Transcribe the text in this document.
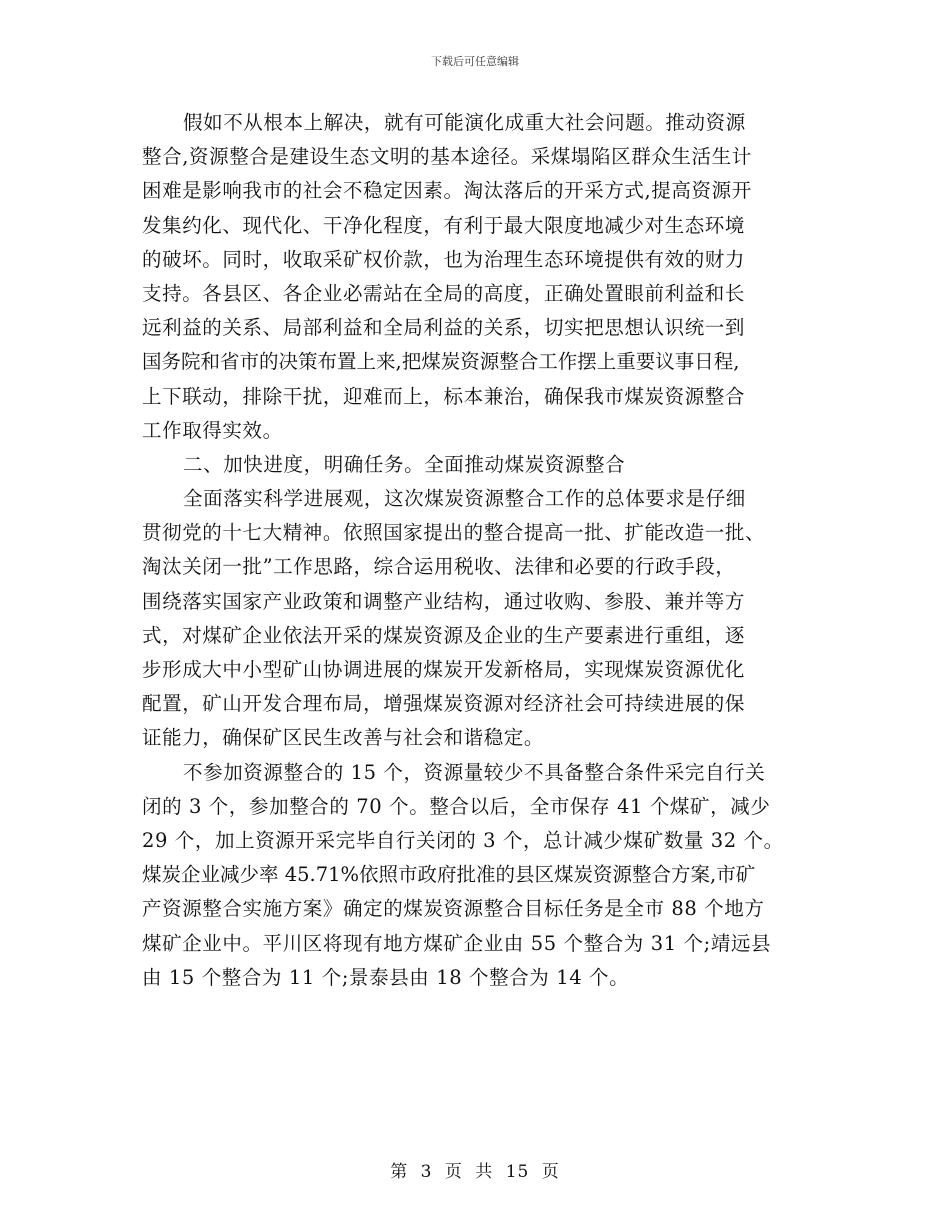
下载后可任意编辑
假如不从根本上解决，就有可能演化成重大社会问题。推动资源
整合,资源整合是建设生态文明的基本途径。采煤塌陷区群众生活生计
困难是影响我市的社会不稳定因素。淘汰落后的开采方式,提高资源开
发集约化、现代化、干净化程度，有利于最大限度地减少对生态环境
的破坏。同时，收取采矿权价款，也为治理生态环境提供有效的财力
支持。各县区、各企业必需站在全局的高度，正确处置眼前利益和长
远利益的关系、局部利益和全局利益的关系，切实把思想认识统一到
国务院和省市的决策布置上来,把煤炭资源整合工作摆上重要议事日程,
上下联动，排除干扰，迎难而上，标本兼治，确保我市煤炭资源整合
工作取得实效。
二、加快进度，明确任务。全面推动煤炭资源整合
全面落实科学进展观，这次煤炭资源整合工作的总体要求是仔细
贯彻党的十七大精神。依照国家提出的整合提高一批、扩能改造一批、
淘汰关闭一批”工作思路，综合运用税收、法律和必要的行政手段，
围绕落实国家产业政策和调整产业结构，通过收购、参股、兼并等方
式，对煤矿企业依法开采的煤炭资源及企业的生产要素进行重组，逐
步形成大中小型矿山协调进展的煤炭开发新格局，实现煤炭资源优化
配置，矿山开发合理布局，增强煤炭资源对经济社会可持续进展的保
证能力，确保矿区民生改善与社会和谐稳定。
不参加资源整合的 15 个，资源量较少不具备整合条件采完自行关
闭的 3 个，参加整合的 70 个。整合以后，全市保存 41 个煤矿，减少
29 个，加上资源开采完毕自行关闭的 3 个，总计减少煤矿数量 32 个。
煤炭企业减少率 45.71%依照市政府批准的县区煤炭资源整合方案,市矿
产资源整合实施方案》确定的煤炭资源整合目标任务是全市 88 个地方
煤矿企业中。平川区将现有地方煤矿企业由 55 个整合为 31 个;靖远县
由 15 个整合为 11 个;景泰县由 18 个整合为 14 个。
第 3 页 共 15 页
